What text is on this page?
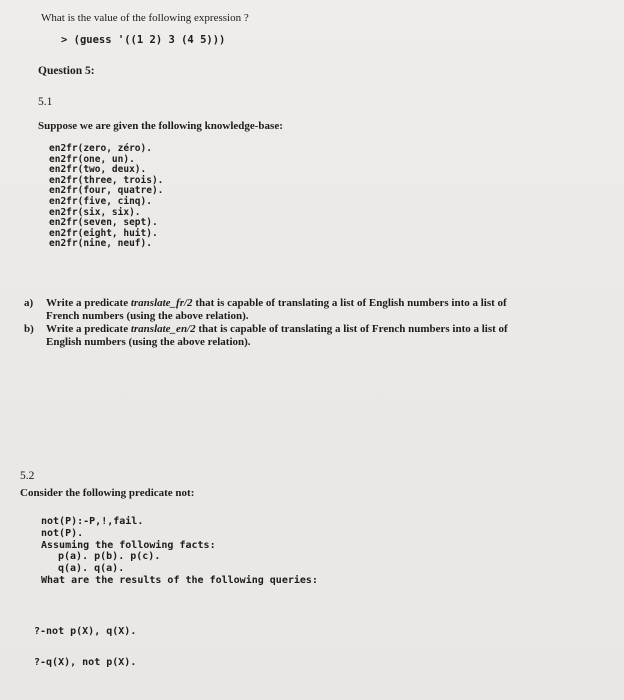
What is the value of the following expression ?
> (guess '((1 2) 3 (4 5)))
Question 5:
5.1
Suppose we are given the following knowledge-base:
en2fr(zero, zéro).
en2fr(one, un).
en2fr(two, deux).
en2fr(three, trois).
en2fr(four, quatre).
en2fr(five, cinq).
en2fr(six, six).
en2fr(seven, sept).
en2fr(eight, huit).
en2fr(nine, neuf).
a) Write a predicate translate_fr/2 that is capable of translating a list of English numbers into a list of
French numbers (using the above relation).
b) Write a predicate translate_en/2 that is capable of translating a list of French numbers into a list of
English numbers (using the above relation).
5.2
Consider the following predicate not:
not(P):-P,!,fail.
not(P).
Assuming the following facts:
p(a). p(b). p(c).
q(a). q(a).
What are the results of the following queries:
?-not p(X), q(X).
?-q(X), not p(X).
